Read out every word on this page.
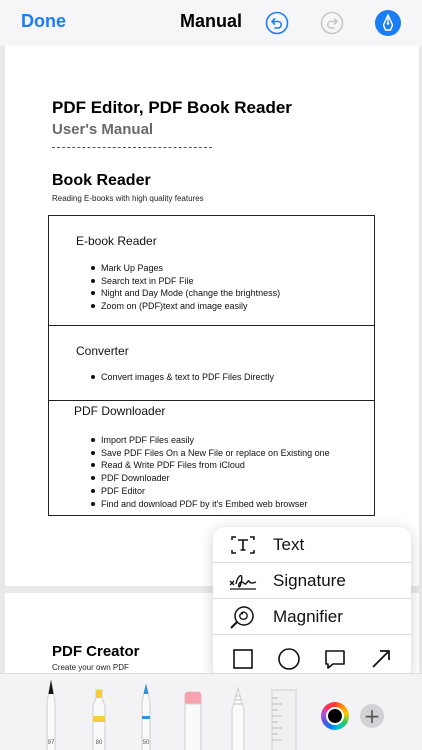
Done	Manual
PDF Editor, PDF Book Reader
User's Manual
Book Reader
Reading E-books with high quality features
E-book Reader
Mark Up Pages
Search text in PDF File
Night and Day Mode (change the brightness)
Zoom on (PDF)text and image easily
Converter
Convert images & text to PDF Files Directly
PDF Downloader
Import PDF Files easily
Save PDF Files On a New File or replace on Existing one
Read & Write PDF Files from iCloud
PDF Downloader
PDF Editor
Find and download PDF by it's Embed web browser
PDF Creator
Create your own PDF
Text
Signature
Magnifier
97	80	50
+
